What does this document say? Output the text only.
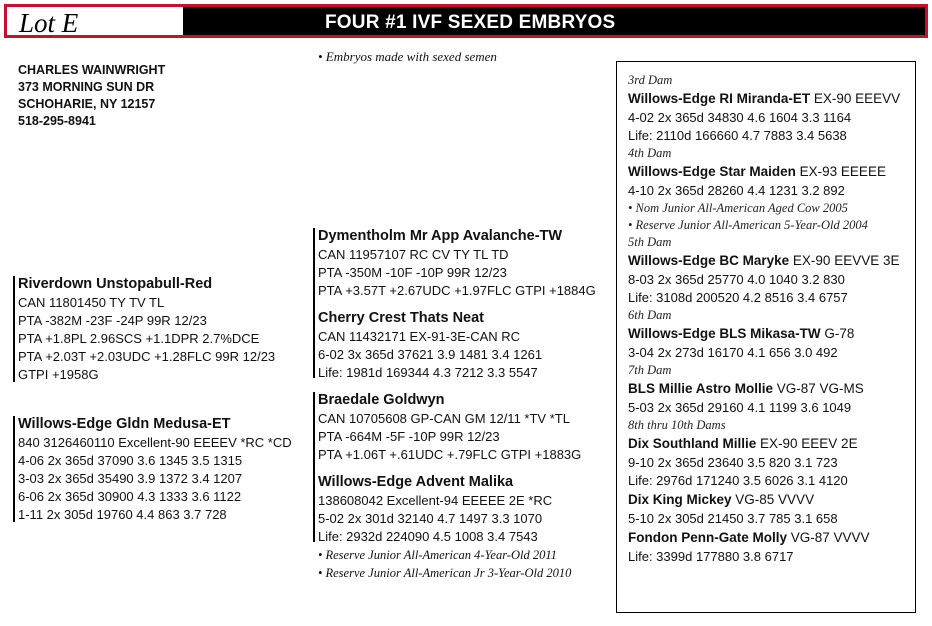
Lot E	FOUR #1 IVF SEXED EMBRYOS
• Embryos made with sexed semen
CHARLES WAINWRIGHT
373 MORNING SUN DR
SCHOHARIE, NY 12157
518-295-8941
Riverdown Unstopabull-Red
CAN 11801450 TY TV TL
PTA -382M -23F -24P 99R 12/23
PTA +1.8PL 2.96SCS +1.1DPR 2.7%DCE
PTA +2.03T +2.03UDC +1.28FLC 99R 12/23
GTPI +1958G
Willows-Edge Gldn Medusa-ET
840 3126460110 Excellent-90 EEEEV *RC *CD
4-06 2x 365d 37090 3.6 1345 3.5 1315
3-03 2x 365d 35490 3.9 1372 3.4 1207
6-06 2x 365d 30900 4.3 1333 3.6 1122
1-11 2x 305d 19760 4.4 863 3.7 728
Dymentholm Mr App Avalanche-TW
CAN 11957107 RC CV TY TL TD
PTA -350M -10F -10P 99R 12/23
PTA +3.57T +2.67UDC +1.97FLC GTPI +1884G
Cherry Crest Thats Neat
CAN 11432171 EX-91-3E-CAN RC
6-02 3x 365d 37621 3.9 1481 3.4 1261
Life: 1981d 169344 4.3 7212 3.3 5547
Braedale Goldwyn
CAN 10705608 GP-CAN GM 12/11 *TV *TL
PTA -664M -5F -10P 99R 12/23
PTA +1.06T +.61UDC +.79FLC GTPI +1883G
Willows-Edge Advent Malika
138608042 Excellent-94 EEEEE 2E *RC
5-02 2x 301d 32140 4.7 1497 3.3 1070
Life: 2932d 224090 4.5 1008 3.4 7543
• Reserve Junior All-American 4-Year-Old 2011
• Reserve Junior All-American Jr 3-Year-Old 2010
3rd Dam
Willows-Edge RI Miranda-ET EX-90 EEEVV
4-02 2x 365d 34830 4.6 1604 3.3 1164
Life: 2110d 166660 4.7 7883 3.4 5638
4th Dam
Willows-Edge Star Maiden EX-93 EEEEE
4-10 2x 365d 28260 4.4 1231 3.2 892
• Nom Junior All-American Aged Cow 2005
• Reserve Junior All-American 5-Year-Old 2004
5th Dam
Willows-Edge BC Maryke EX-90 EEVVE 3E
8-03 2x 365d 25770 4.0 1040 3.2 830
Life: 3108d 200520 4.2 8516 3.4 6757
6th Dam
Willows-Edge BLS Mikasa-TW G-78
3-04 2x 273d 16170 4.1 656 3.0 492
7th Dam
BLS Millie Astro Mollie VG-87 VG-MS
5-03 2x 365d 29160 4.1 1199 3.6 1049
8th thru 10th Dams
Dix Southland Millie EX-90 EEEV 2E
9-10 2x 365d 23640 3.5 820 3.1 723
Life: 2976d 171240 3.5 6026 3.1 4120
Dix King Mickey VG-85 VVVV
5-10 2x 305d 21450 3.7 785 3.1 658
Fondon Penn-Gate Molly VG-87 VVVV
Life: 3399d 177880 3.8 6717
